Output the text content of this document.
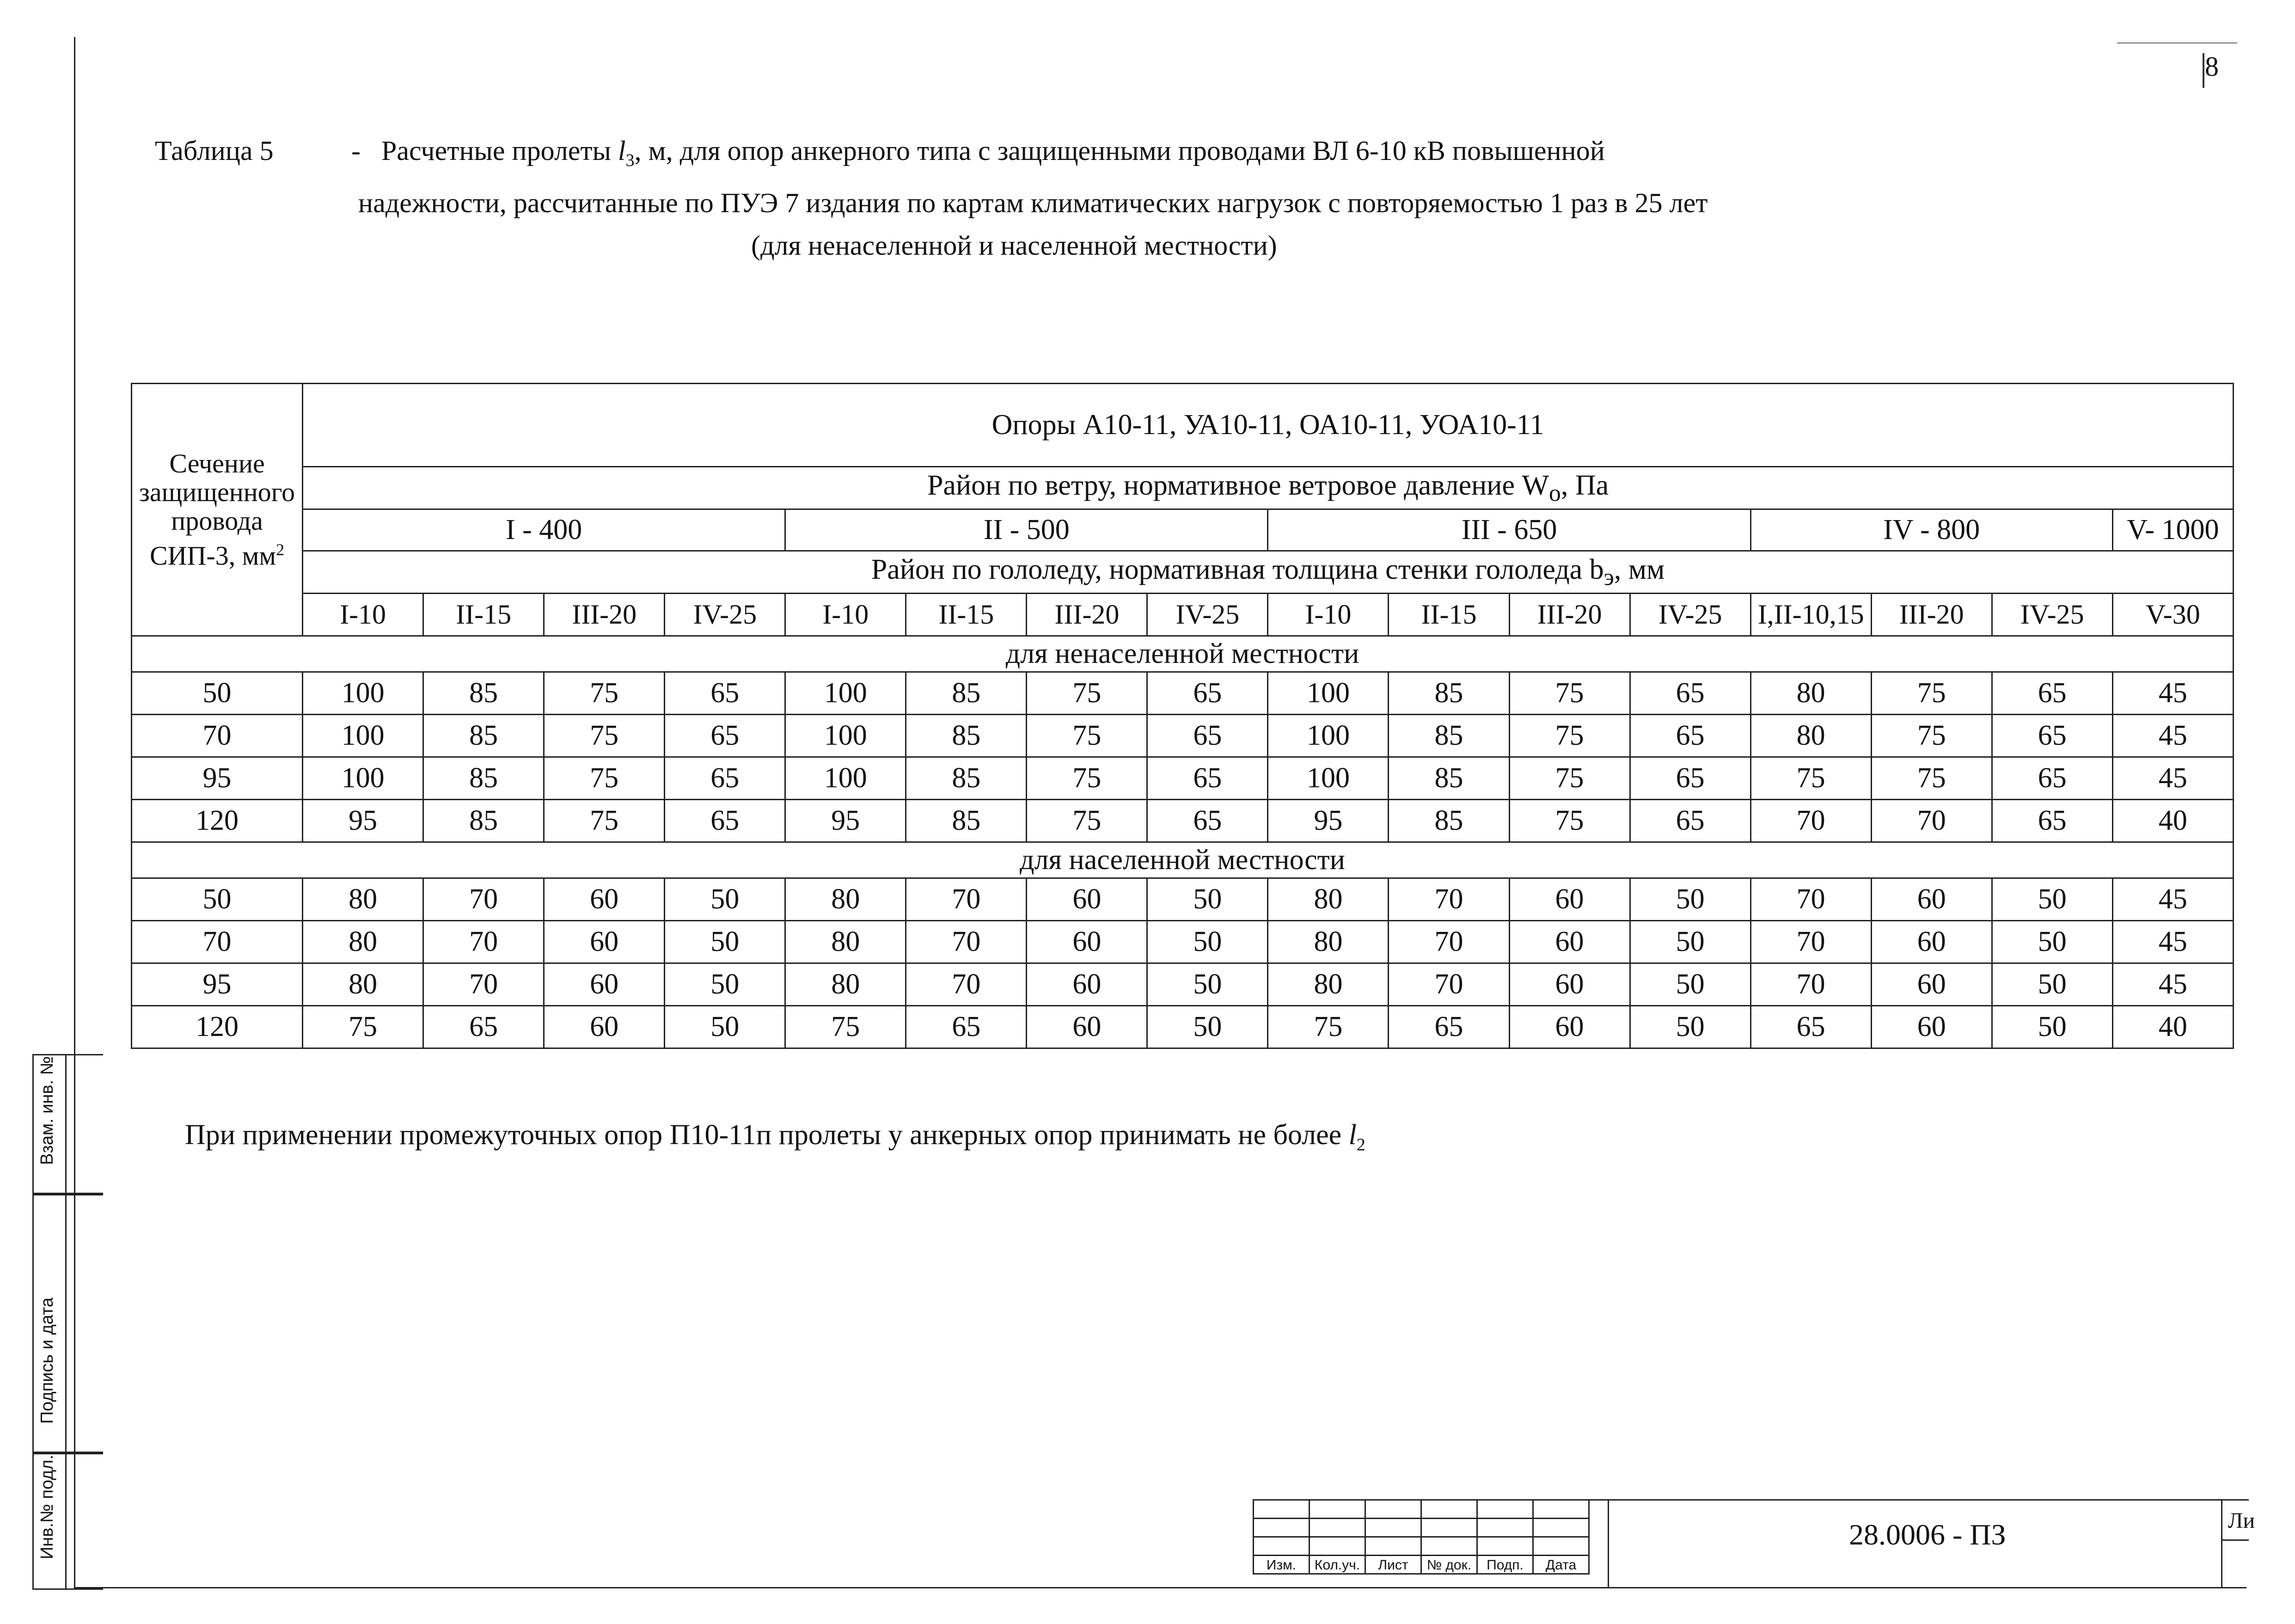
8
Таблица 5	- Расчетные пролеты $l_3$, м, для опор анкерного типа с защищенными проводами ВЛ 6-10 кВ повышенной
надежности, рассчитанные по ПУЭ 7 издания по картам климатических нагрузок с повторяемостью 1 раз в 25 лет
(для ненаселенной и населенной местности)
Сечение защищенного провода СИП-3, $мм^2$	Опоры А10-11, УА10-11, ОА10-11, УОА10-11															
	Район по ветру, нормативное ветровое давление $W_о$, Па															
	I - 400				II - 500				III - 650				IV - 800			V- 1000
	Район по гололеду, нормативная толщина стенки гололеда $b_э$, мм															
	I-10	II-15	III-20	IV-25	I-10	II-15	III-20	IV-25	I-10	II-15	III-20	IV-25	I,II-10,15	III-20	IV-25	V-30
для ненаселенной местности																
50	100	85	75	65	100	85	75	65	100	85	75	65	80	75	65	45
70	100	85	75	65	100	85	75	65	100	85	75	65	80	75	65	45
95	100	85	75	65	100	85	75	65	100	85	75	65	75	75	65	45
120	95	85	75	65	95	85	75	65	95	85	75	65	70	70	65	40
для населенной местности																
50	80	70	60	50	80	70	60	50	80	70	60	50	70	60	50	45
70	80	70	60	50	80	70	60	50	80	70	60	50	70	60	50	45
95	80	70	60	50	80	70	60	50	80	70	60	50	70	60	50	45
120	75	65	60	50	75	65	60	50	75	65	60	50	65	60	50	40
При применении промежуточных опор П10-11п пролеты у анкерных опор принимать не более $l_2$
Взам. инв. №
Подпись и дата
Инв.№ подл.

Изм.	Кол.уч.	Лист	№ док.	Подп.	Дата
28.0006 - ПЗ	Ли
